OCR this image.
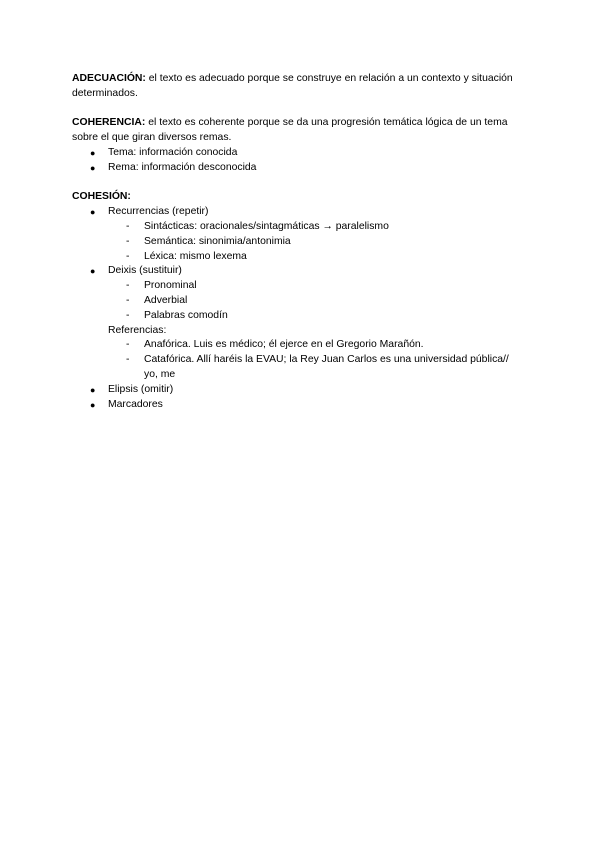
ADECUACIÓN: el texto es adecuado porque se construye en relación a un contexto y situación determinados.

COHERENCIA: el texto es coherente porque se da una progresión temática lógica de un tema sobre el que giran diversos remas.

● Tema: información conocida
● Rema: información desconocida

COHESIÓN:

● Recurrencias (repetir)
- Sintácticas: oracionales/sintagmáticas → paralelismo
- Semántica: sinonimia/antonimia
- Léxica: mismo lexema
● Deixis (sustituir)
- Pronominal
- Adverbial
- Palabras comodín

Referencias:

- Anafórica. Luis es médico; él ejerce en el Gregorio Marañón.
- Catafórica. Allí haréis la EVAU; la Rey Juan Carlos es una universidad pública// yo, me
● Elipsis (omitir)
● Marcadores
